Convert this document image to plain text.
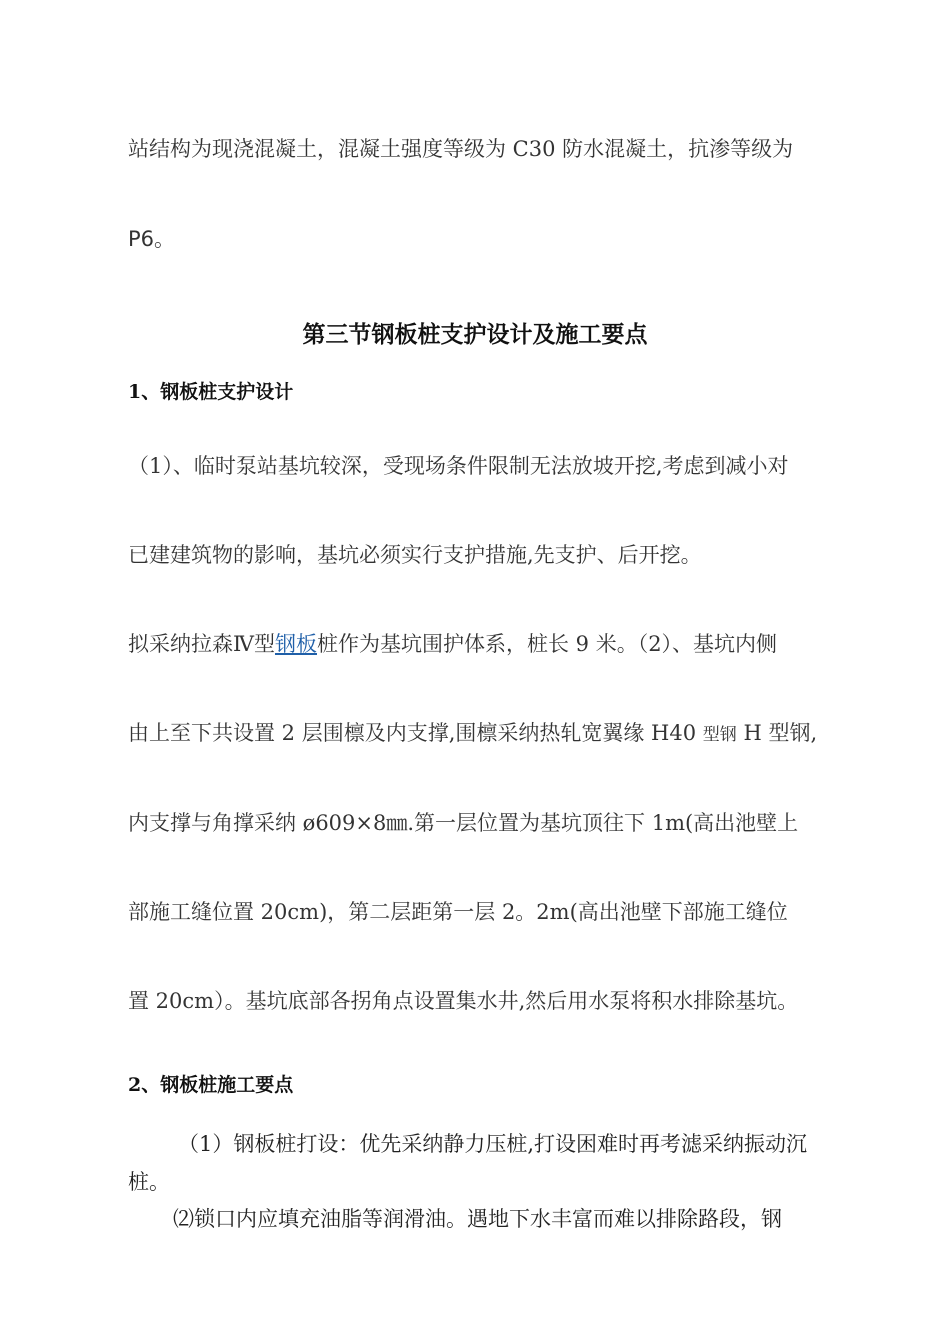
站结构为现浇混凝土，混凝土强度等级为 C30 防水混凝土，抗渗等级为
P6。
第三节钢板桩支护设计及施工要点
1、钢板桩支护设计
（1）、临时泵站基坑较深，受现场条件限制无法放坡开挖,考虑到减小对
已建建筑物的影响，基坑必须实行支护措施,先支护、后开挖。
拟采纳拉森Ⅳ型钢板桩作为基坑围护体系，桩长 9 米。（2）、基坑内侧
由上至下共设置 2 层围檩及内支撑,围檩采纳热轧宽翼缘 H40 型钢 H 型钢,
内支撑与角撑采纳 ø609×8㎜.第一层位置为基坑顶往下 1m(高出池壁上
部施工缝位置 20cm)，第二层距第一层 2。2m(高出池壁下部施工缝位
置 20cm）。基坑底部各拐角点设置集水井,然后用水泵将积水排除基坑。
2、钢板桩施工要点
（1）钢板桩打设：优先采纳静力压桩,打设困难时再考滤采纳振动沉
桩。
⑵锁口内应填充油脂等润滑油。遇地下水丰富而难以排除路段，钢
